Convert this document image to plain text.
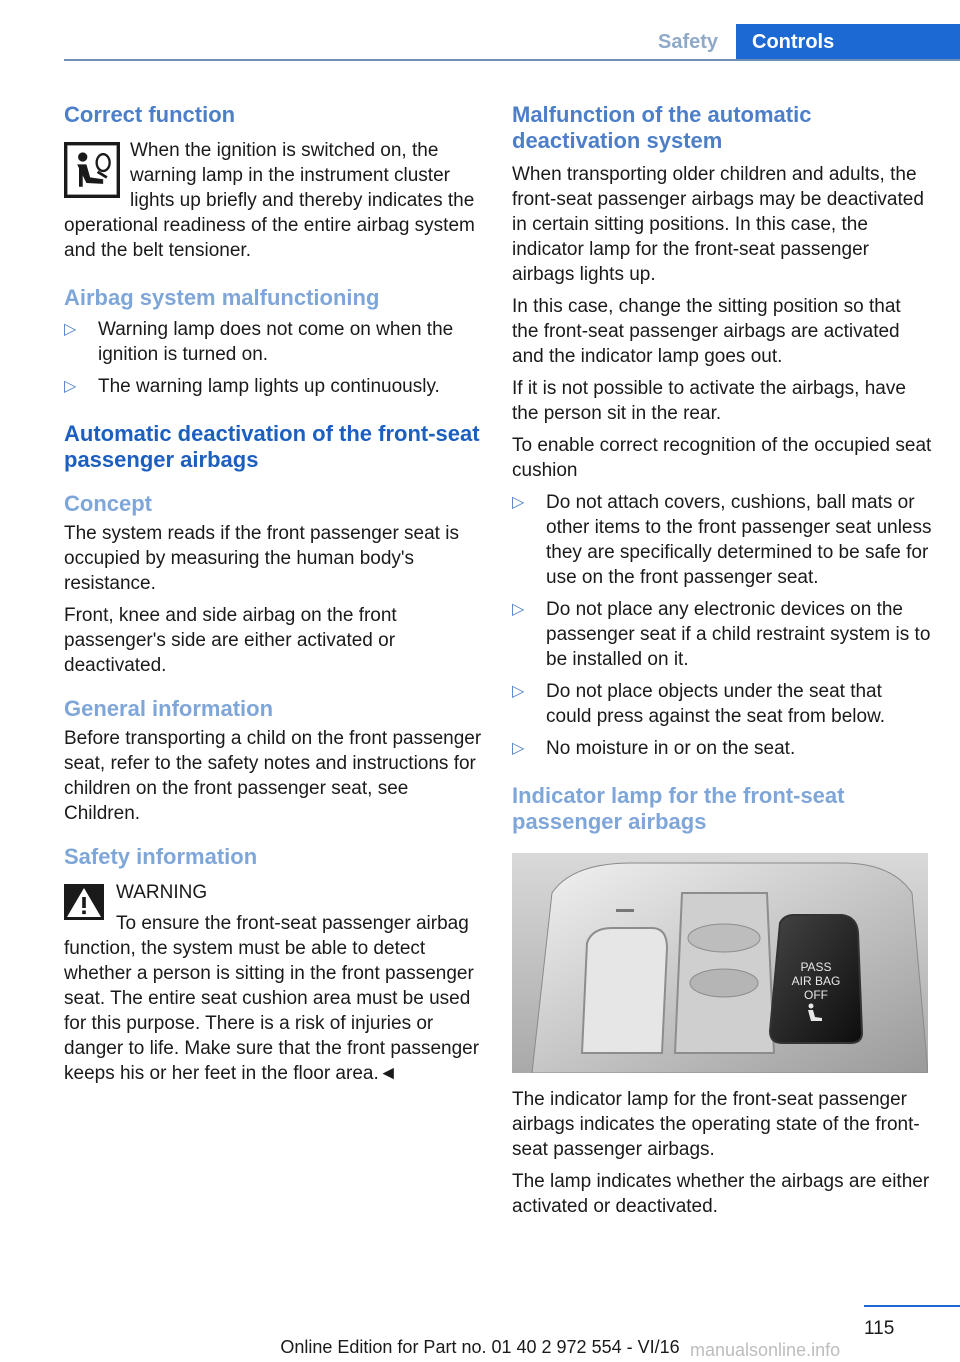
Safety	Controls
Correct function

When the ignition is switched on, the warning lamp in the instrument cluster lights up briefly and thereby indicates the operational readiness of the entire airbag system and the belt tensioner.

Airbag system malfunctioning
▷ Warning lamp does not come on when the ignition is turned on.
▷ The warning lamp lights up continuously.
Automatic deactivation of the front-seat passenger airbags
Concept

The system reads if the front passenger seat is occupied by measuring the human body's resistance.

Front, knee and side airbag on the front passenger's side are either activated or deactivated.

General information

Before transporting a child on the front passenger seat, refer to the safety notes and instructions for children on the front passenger seat, see Children.

Safety information

WARNING

To ensure the front-seat passenger airbag function, the system must be able to detect whether a person is sitting in the front passenger seat. The entire seat cushion area must be used for this purpose. There is a risk of injuries or danger to life. Make sure that the front passenger keeps his or her feet in the floor area.◄

Malfunction of the automatic deactivation system

When transporting older children and adults, the front-seat passenger airbags may be deactivated in certain sitting positions. In this case, the indicator lamp for the front-seat passenger airbags lights up.

In this case, change the sitting position so that the front-seat passenger airbags are activated and the indicator lamp goes out.

If it is not possible to activate the airbags, have the person sit in the rear.

To enable correct recognition of the occupied seat cushion

▷ Do not attach covers, cushions, ball mats or other items to the front passenger seat unless they are specifically determined to be safe for use on the front passenger seat.
▷ Do not place any electronic devices on the passenger seat if a child restraint system is to be installed on it.
▷ Do not place objects under the seat that could press against the seat from below.
▷ No moisture in or on the seat.
Indicator lamp for the front-seat passenger airbags
PASS
AIR BAG
OFF

The indicator lamp for the front-seat passenger airbags indicates the operating state of the front-seat passenger airbags.

The lamp indicates whether the airbags are either activated or deactivated.

115
Online Edition for Part no. 01 40 2 972 554 - VI/16 manualsonline.info
